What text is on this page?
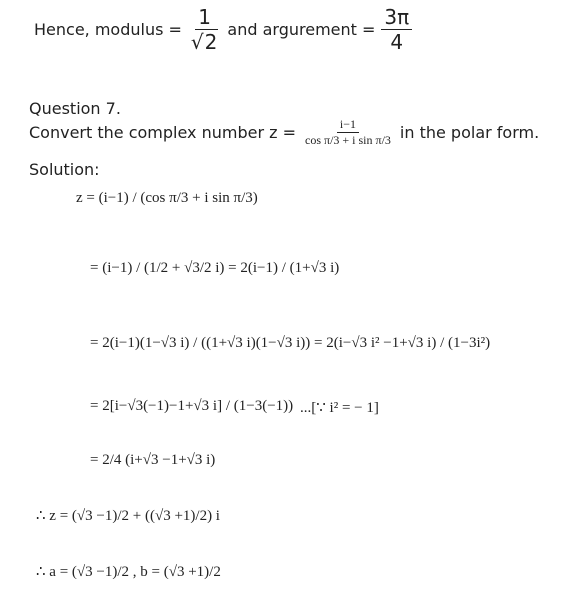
Hence, modulus = $\frac{1}{√2}$ and argurement = $\frac{3\pi}{4}$
Question 7.
Convert the complex number $z = \frac{i-1}{\text{cos π/3 + i sin π/3}}$ in the polar form.
Solution:
z = (i−1) / (cos π/3 + i sin π/3)
= (i−1) / (1/2 + √3/2 i) = 2(i−1) / (1+√3 i)
= 2(i−1)(1−√3 i) / ((1+√3 i)(1−√3 i)) = 2(i−√3 i² −1+√3 i) / (1−3i²)
= 2[i−√3(−1)−1+√3 i] / (1−3(−1)) ...[∵ i² = − 1]
= 2/4 (i+√3 −1+√3 i)
∴ z = (√3 −1)/2 + ((√3 +1)/2) i
∴ a = (√3 −1)/2 , b = (√3 +1)/2
